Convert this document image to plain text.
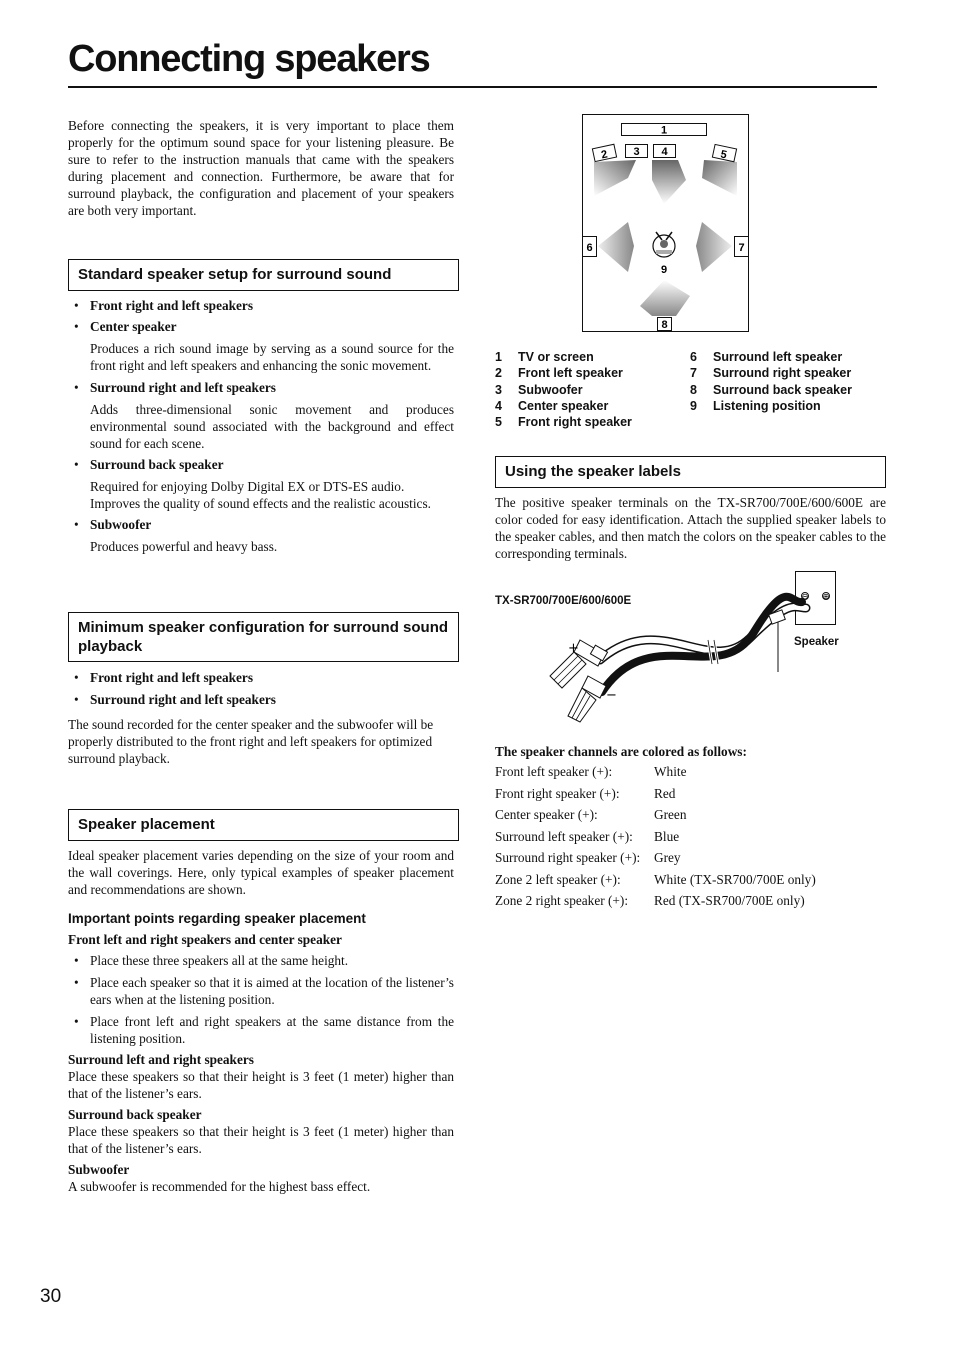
Connecting speakers

Before connecting the speakers, it is very important to place them properly for the optimum sound space for your listening pleasure. Be sure to refer to the instruction manuals that came with the speakers during placement and connection. Furthermore, be aware that for surround playback, the configuration and placement of your speakers are both very important.

Standard speaker setup for surround sound
• Front right and left speakers
• Center speaker
Produces a rich sound image by serving as a sound source for the front right and left speakers and enhancing the sonic movement.
• Surround right and left speakers
Adds three-dimensional sonic movement and produces environmental sound associated with the background and effect sound for each scene.
• Surround back speaker
Required for enjoying Dolby Digital EX or DTS-ES audio. Improves the quality of sound effects and the realistic acoustics.
• Subwoofer
Produces powerful and heavy bass.
Minimum speaker configuration for surround sound playback
• Front right and left speakers
• Surround right and left speakers
The sound recorded for the center speaker and the subwoofer will be properly distributed to the front right and left speakers for optimized surround playback.
Speaker placement
Ideal speaker placement varies depending on the size of your room and the wall coverings. Here, only typical examples of speaker placement and recommendations are shown.
Important points regarding speaker placement
Front left and right speakers and center speaker
• Place these three speakers all at the same height.
• Place each speaker so that it is aimed at the location of the listener’s ears when at the listening position.
• Place front left and right speakers at the same distance from the listening position.
Surround left and right speakers
Place these speakers so that their height is 3 feet (1 meter) higher than that of the listener’s ears.
Surround back speaker
Place these speakers so that their height is 3 feet (1 meter) higher than that of the listener’s ears.
Subwoofer
A subwoofer is recommended for the highest bass effect.
1
2 3 4	5
6	7
9
8
1	TV or screen	6	Surround left speaker
2	Front left speaker	7	Surround right speaker
3	Subwoofer	8	Surround back speaker
4	Center speaker	9	Listening position
5	Front right speaker		
Using the speaker labels

The positive speaker terminals on the TX-SR700/700E/600/600E are color coded for easy identification. Attach the supplied speaker labels to the speaker cables, and then match the colors on the speaker cables to the corresponding terminals.

TX-SR700/700E/600/600E
Speaker
⊖ ⊕
+
−
The speaker channels are colored as follows:
Front left speaker (+):	White
Front right speaker (+):	Red
Center speaker (+):	Green
Surround left speaker (+):	Blue
Surround right speaker (+):	Grey
Zone 2 left speaker (+):	White (TX-SR700/700E only)
Zone 2 right speaker (+):	Red (TX-SR700/700E only)
30
